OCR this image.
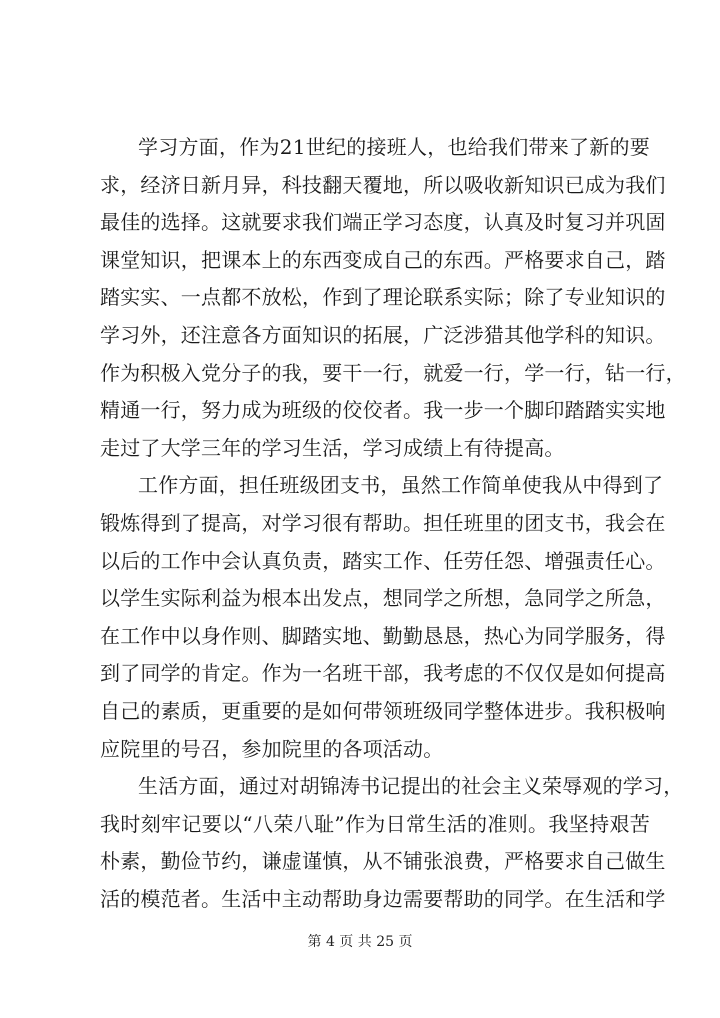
学习方面，作为21世纪的接班人，也给我们带来了新的要
求，经济日新月异，科技翻天覆地，所以吸收新知识已成为我们
最佳的选择。这就要求我们端正学习态度，认真及时复习并巩固
课堂知识，把课本上的东西变成自己的东西。严格要求自己，踏
踏实实、一点都不放松，作到了理论联系实际；除了专业知识的
学习外，还注意各方面知识的拓展，广泛涉猎其他学科的知识。
作为积极入党分子的我，要干一行，就爱一行，学一行，钻一行，
精通一行，努力成为班级的佼佼者。我一步一个脚印踏踏实实地
走过了大学三年的学习生活，学习成绩上有待提高。
工作方面，担任班级团支书，虽然工作简单使我从中得到了
锻炼得到了提高，对学习很有帮助。担任班里的团支书，我会在
以后的工作中会认真负责，踏实工作、任劳任怨、增强责任心。
以学生实际利益为根本出发点，想同学之所想，急同学之所急，
在工作中以身作则、脚踏实地、勤勤恳恳，热心为同学服务，得
到了同学的肯定。作为一名班干部，我考虑的不仅仅是如何提高
自己的素质，更重要的是如何带领班级同学整体进步。我积极响
应院里的号召，参加院里的各项活动。
生活方面，通过对胡锦涛书记提出的社会主义荣辱观的学习，
我时刻牢记要以“八荣八耻”作为日常生活的准则。我坚持艰苦
朴素，勤俭节约，谦虚谨慎，从不铺张浪费，严格要求自己做生
活的模范者。生活中主动帮助身边需要帮助的同学。在生活和学
第 4 页 共 25 页
